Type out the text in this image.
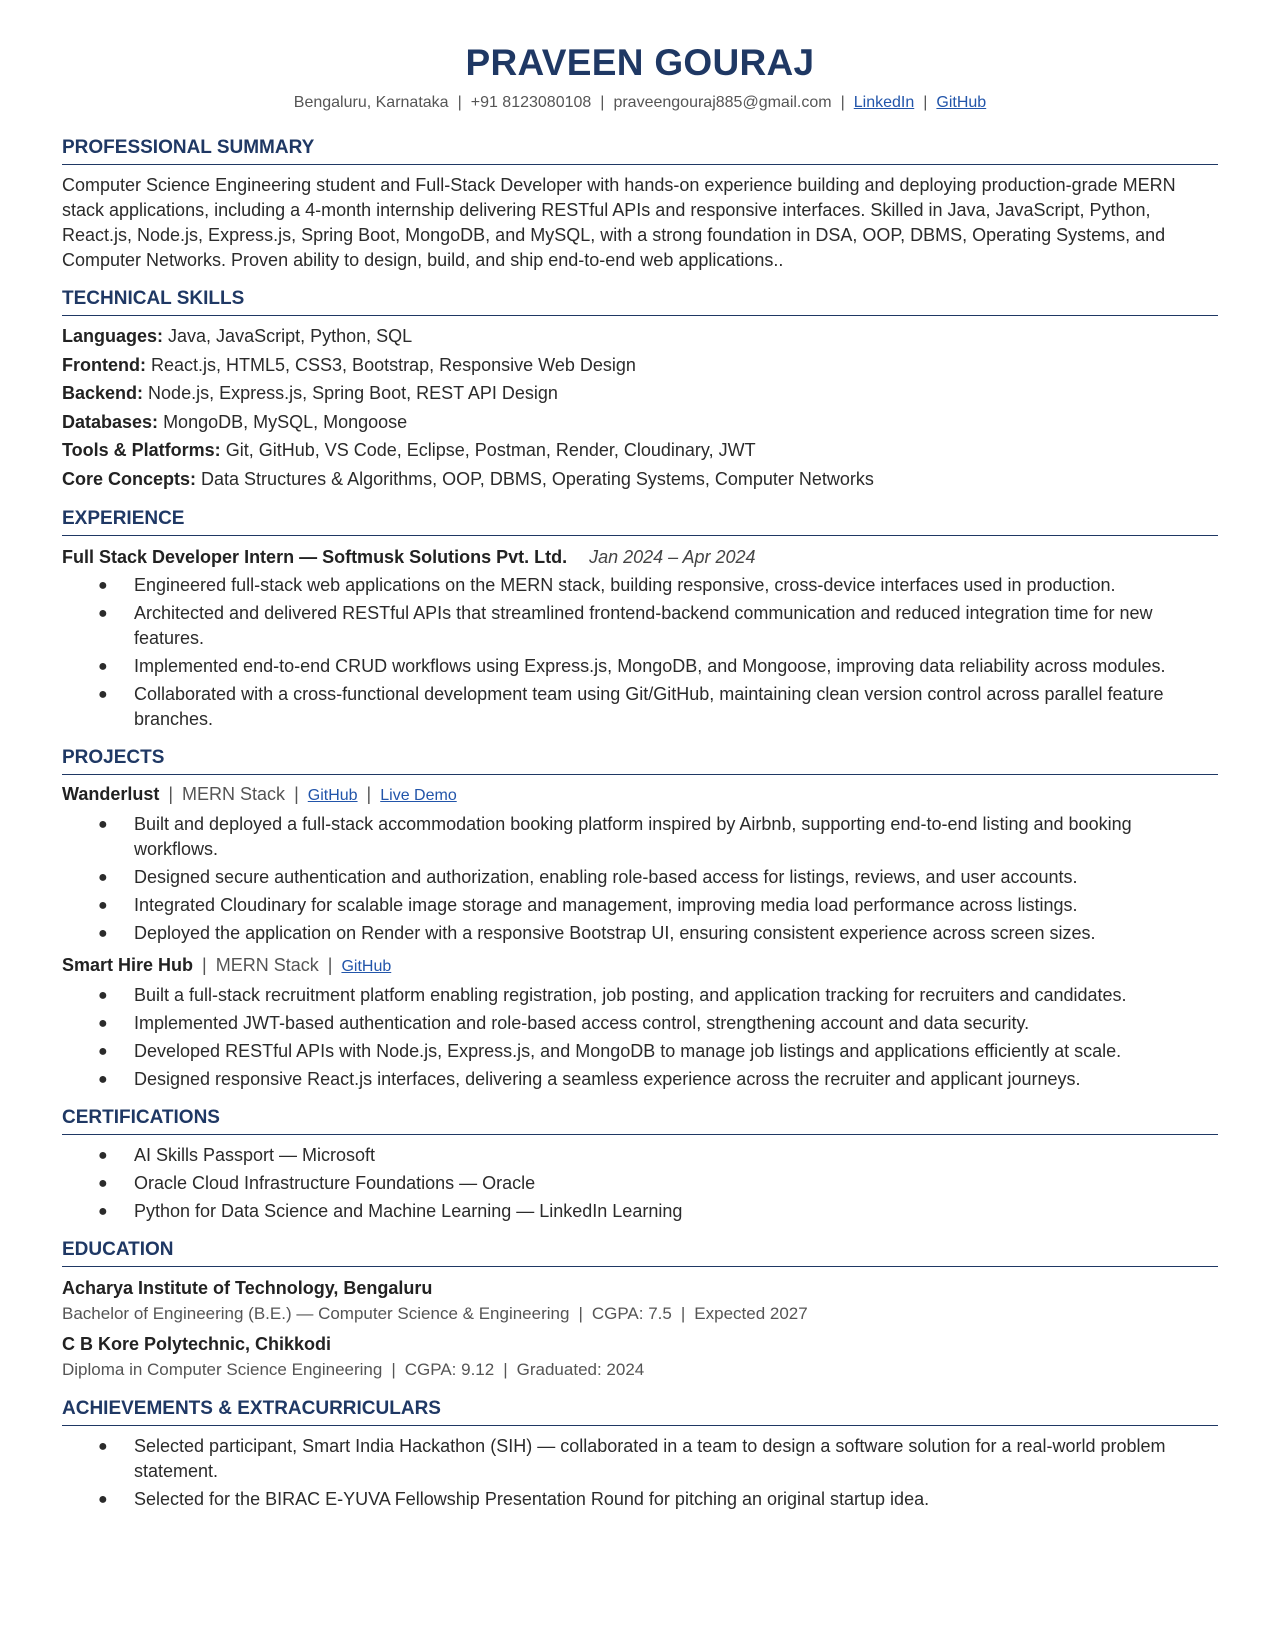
PRAVEEN GOURAJ
Bengaluru, Karnataka | +91 8123080108 | praveengouraj885@gmail.com | LinkedIn | GitHub
PROFESSIONAL SUMMARY

Computer Science Engineering student and Full-Stack Developer with hands-on experience building and deploying production-grade MERN stack applications, including a 4-month internship delivering RESTful APIs and responsive interfaces. Skilled in Java, JavaScript, Python, React.js, Node.js, Express.js, Spring Boot, MongoDB, and MySQL, with a strong foundation in DSA, OOP, DBMS, Operating Systems, and Computer Networks. Proven ability to design, build, and ship end-to-end web applications..

TECHNICAL SKILLS
Languages: Java, JavaScript, Python, SQL
Frontend: React.js, HTML5, CSS3, Bootstrap, Responsive Web Design
Backend: Node.js, Express.js, Spring Boot, REST API Design
Databases: MongoDB, MySQL, Mongoose
Tools & Platforms: Git, GitHub, VS Code, Eclipse, Postman, Render, Cloudinary, JWT
Core Concepts: Data Structures & Algorithms, OOP, DBMS, Operating Systems, Computer Networks
EXPERIENCE
Full Stack Developer Intern — Softmusk Solutions Pvt. Ltd. Jan 2024 – Apr 2024
● Engineered full-stack web applications on the MERN stack, building responsive, cross-device interfaces used in production.
● Architected and delivered RESTful APIs that streamlined frontend-backend communication and reduced integration time for new features.
● Implemented end-to-end CRUD workflows using Express.js, MongoDB, and Mongoose, improving data reliability across modules.
● Collaborated with a cross-functional development team using Git/GitHub, maintaining clean version control across parallel feature branches.
PROJECTS
Wanderlust | MERN Stack | GitHub | Live Demo
● Built and deployed a full-stack accommodation booking platform inspired by Airbnb, supporting end-to-end listing and booking workflows.
● Designed secure authentication and authorization, enabling role-based access for listings, reviews, and user accounts.
● Integrated Cloudinary for scalable image storage and management, improving media load performance across listings.
● Deployed the application on Render with a responsive Bootstrap UI, ensuring consistent experience across screen sizes.
Smart Hire Hub | MERN Stack | GitHub
● Built a full-stack recruitment platform enabling registration, job posting, and application tracking for recruiters and candidates.
● Implemented JWT-based authentication and role-based access control, strengthening account and data security.
● Developed RESTful APIs with Node.js, Express.js, and MongoDB to manage job listings and applications efficiently at scale.
● Designed responsive React.js interfaces, delivering a seamless experience across the recruiter and applicant journeys.
CERTIFICATIONS
● AI Skills Passport — Microsoft
● Oracle Cloud Infrastructure Foundations — Oracle
● Python for Data Science and Machine Learning — LinkedIn Learning
EDUCATION
Acharya Institute of Technology, Bengaluru
Bachelor of Engineering (B.E.) — Computer Science & Engineering | CGPA: 7.5 | Expected 2027
C B Kore Polytechnic, Chikkodi
Diploma in Computer Science Engineering | CGPA: 9.12 | Graduated: 2024
ACHIEVEMENTS & EXTRACURRICULARS
● Selected participant, Smart India Hackathon (SIH) — collaborated in a team to design a software solution for a real-world problem statement.
● Selected for the BIRAC E-YUVA Fellowship Presentation Round for pitching an original startup idea.
